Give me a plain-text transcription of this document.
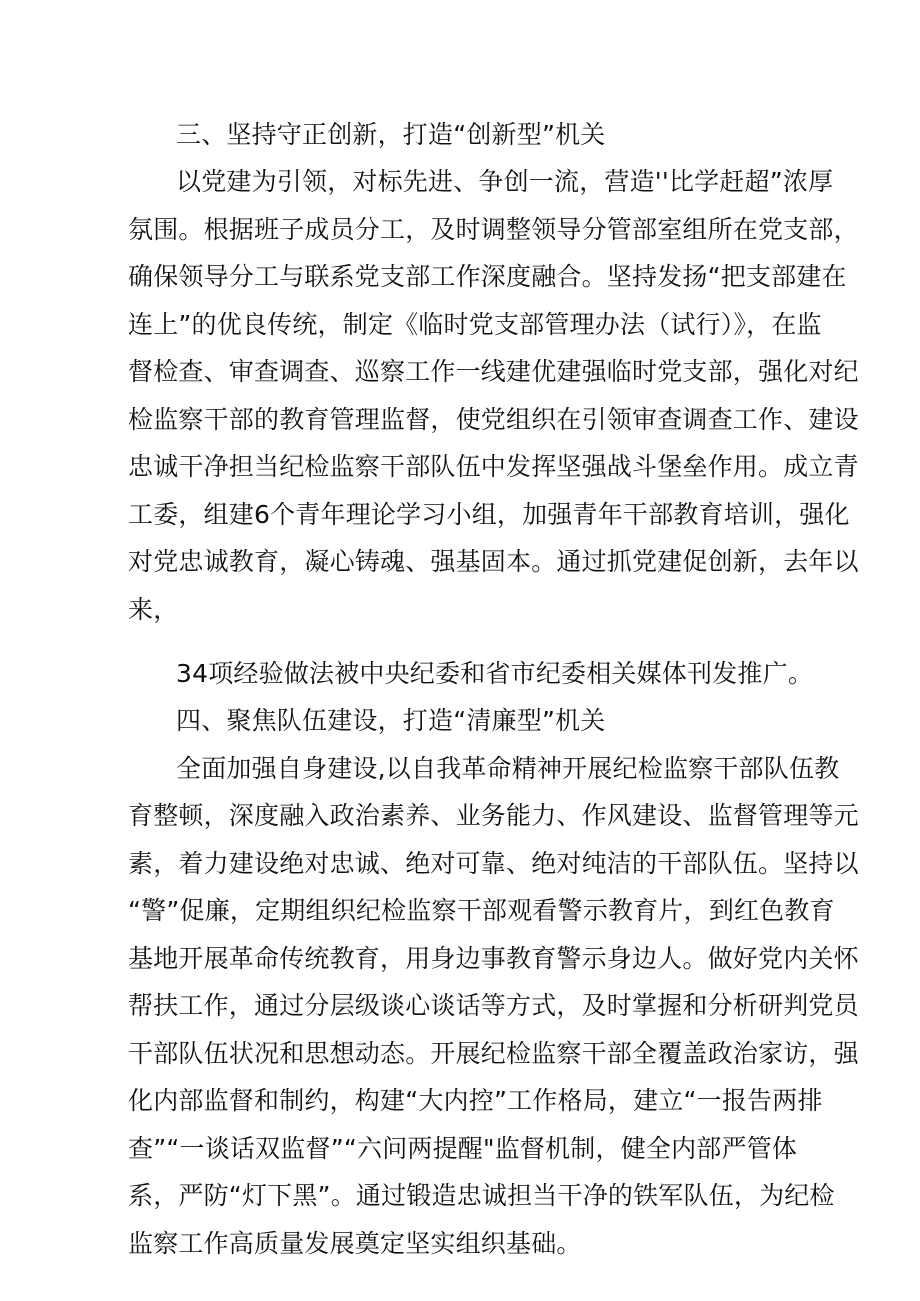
三、坚持守正创新，打造“创新型”机关
以党建为引领，对标先进、争创一流，营造''比学赶超”浓厚
氛围。根据班子成员分工，及时调整领导分管部室组所在党支部，
确保领导分工与联系党支部工作深度融合。坚持发扬“把支部建在
连上”的优良传统，制定《临时党支部管理办法（试行）》，在监
督检查、审查调查、巡察工作一线建优建强临时党支部，强化对纪
检监察干部的教育管理监督，使党组织在引领审查调查工作、建设
忠诚干净担当纪检监察干部队伍中发挥坚强战斗堡垒作用。成立青
工委，组建6个青年理论学习小组，加强青年干部教育培训，强化
对党忠诚教育，凝心铸魂、强基固本。通过抓党建促创新，去年以
来，
34项经验做法被中央纪委和省市纪委相关媒体刊发推广。
四、聚焦队伍建设，打造“清廉型”机关
全面加强自身建设,以自我革命精神开展纪检监察干部队伍教
育整顿，深度融入政治素养、业务能力、作风建设、监督管理等元
素，着力建设绝对忠诚、绝对可靠、绝对纯洁的干部队伍。坚持以
“警”促廉，定期组织纪检监察干部观看警示教育片，到红色教育
基地开展革命传统教育，用身边事教育警示身边人。做好党内关怀
帮扶工作，通过分层级谈心谈话等方式，及时掌握和分析研判党员
干部队伍状况和思想动态。开展纪检监察干部全覆盖政治家访，强
化内部监督和制约，构建“大内控”工作格局，建立“一报告两排
查”“一谈话双监督”“六问两提醒"监督机制，健全内部严管体
系，严防“灯下黑”。通过锻造忠诚担当干净的铁军队伍，为纪检
监察工作高质量发展奠定坚实组织基础。
